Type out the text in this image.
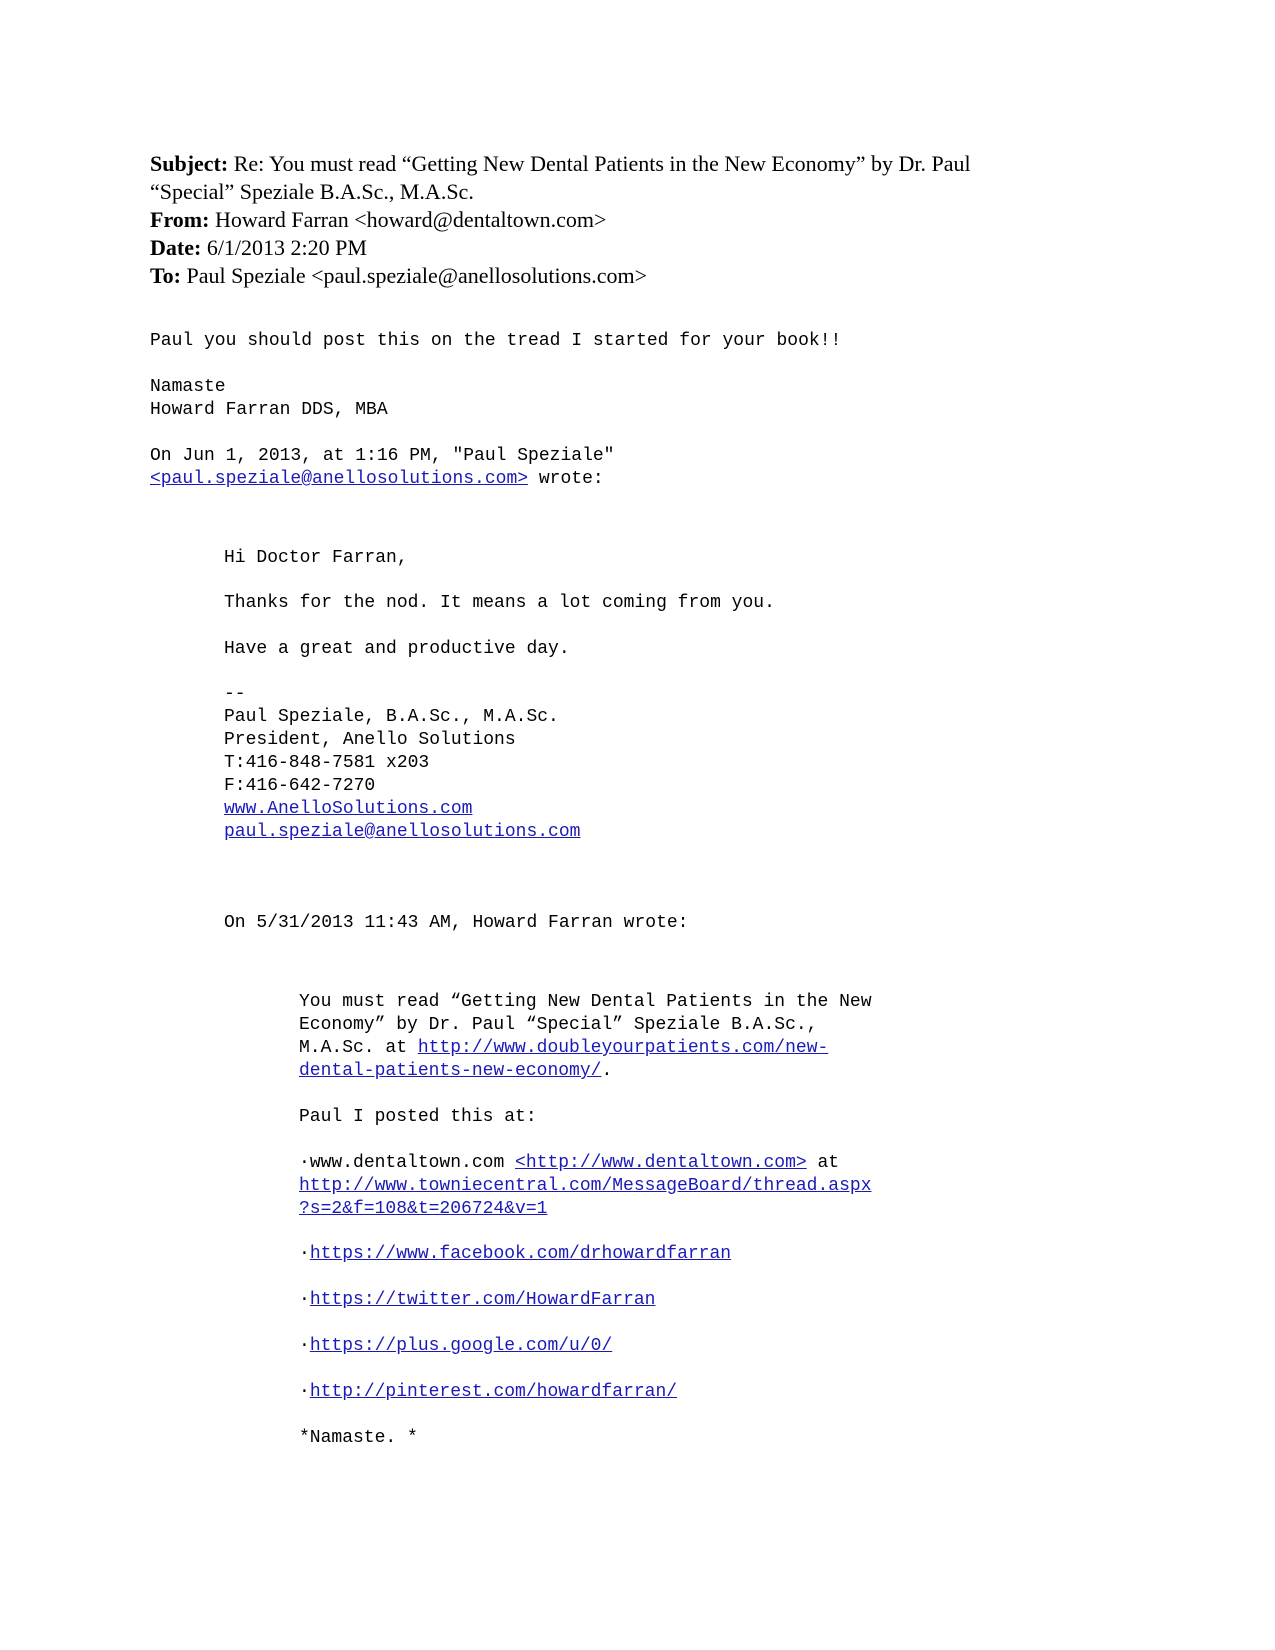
Subject: Re: You must read “Getting New Dental Patients in the New Economy” by Dr. Paul

“Special” Speziale B.A.Sc., M.A.Sc.

From: Howard Farran <howard@dentaltown.com>

Date: 6/1/2013 2:20 PM

To: Paul Speziale <paul.speziale@anellosolutions.com>

Paul you should post this on the tread I started for your book!!

Namaste

Howard Farran DDS, MBA

On Jun 1, 2013, at 1:16 PM, "Paul Speziale"

<paul.speziale@anellosolutions.com> wrote:

Hi Doctor Farran,

Thanks for the nod. It means a lot coming from you.

Have a great and productive day.

--

Paul Speziale, B.A.Sc., M.A.Sc.

President, Anello Solutions

T:416-848-7581 x203

F:416-642-7270

www.AnelloSolutions.com

paul.speziale@anellosolutions.com

On 5/31/2013 11:43 AM, Howard Farran wrote:

You must read “Getting New Dental Patients in the New

Economy” by Dr. Paul “Special” Speziale B.A.Sc.,

M.A.Sc. at http://www.doubleyourpatients.com/new-

dental-patients-new-economy/.

Paul I posted this at:

·www.dentaltown.com <http://www.dentaltown.com> at

http://www.towniecentral.com/MessageBoard/thread.aspx

?s=2&f=108&t=206724&v=1

·https://www.facebook.com/drhowardfarran

·https://twitter.com/HowardFarran

·https://plus.google.com/u/0/

·http://pinterest.com/howardfarran/

*Namaste. *
